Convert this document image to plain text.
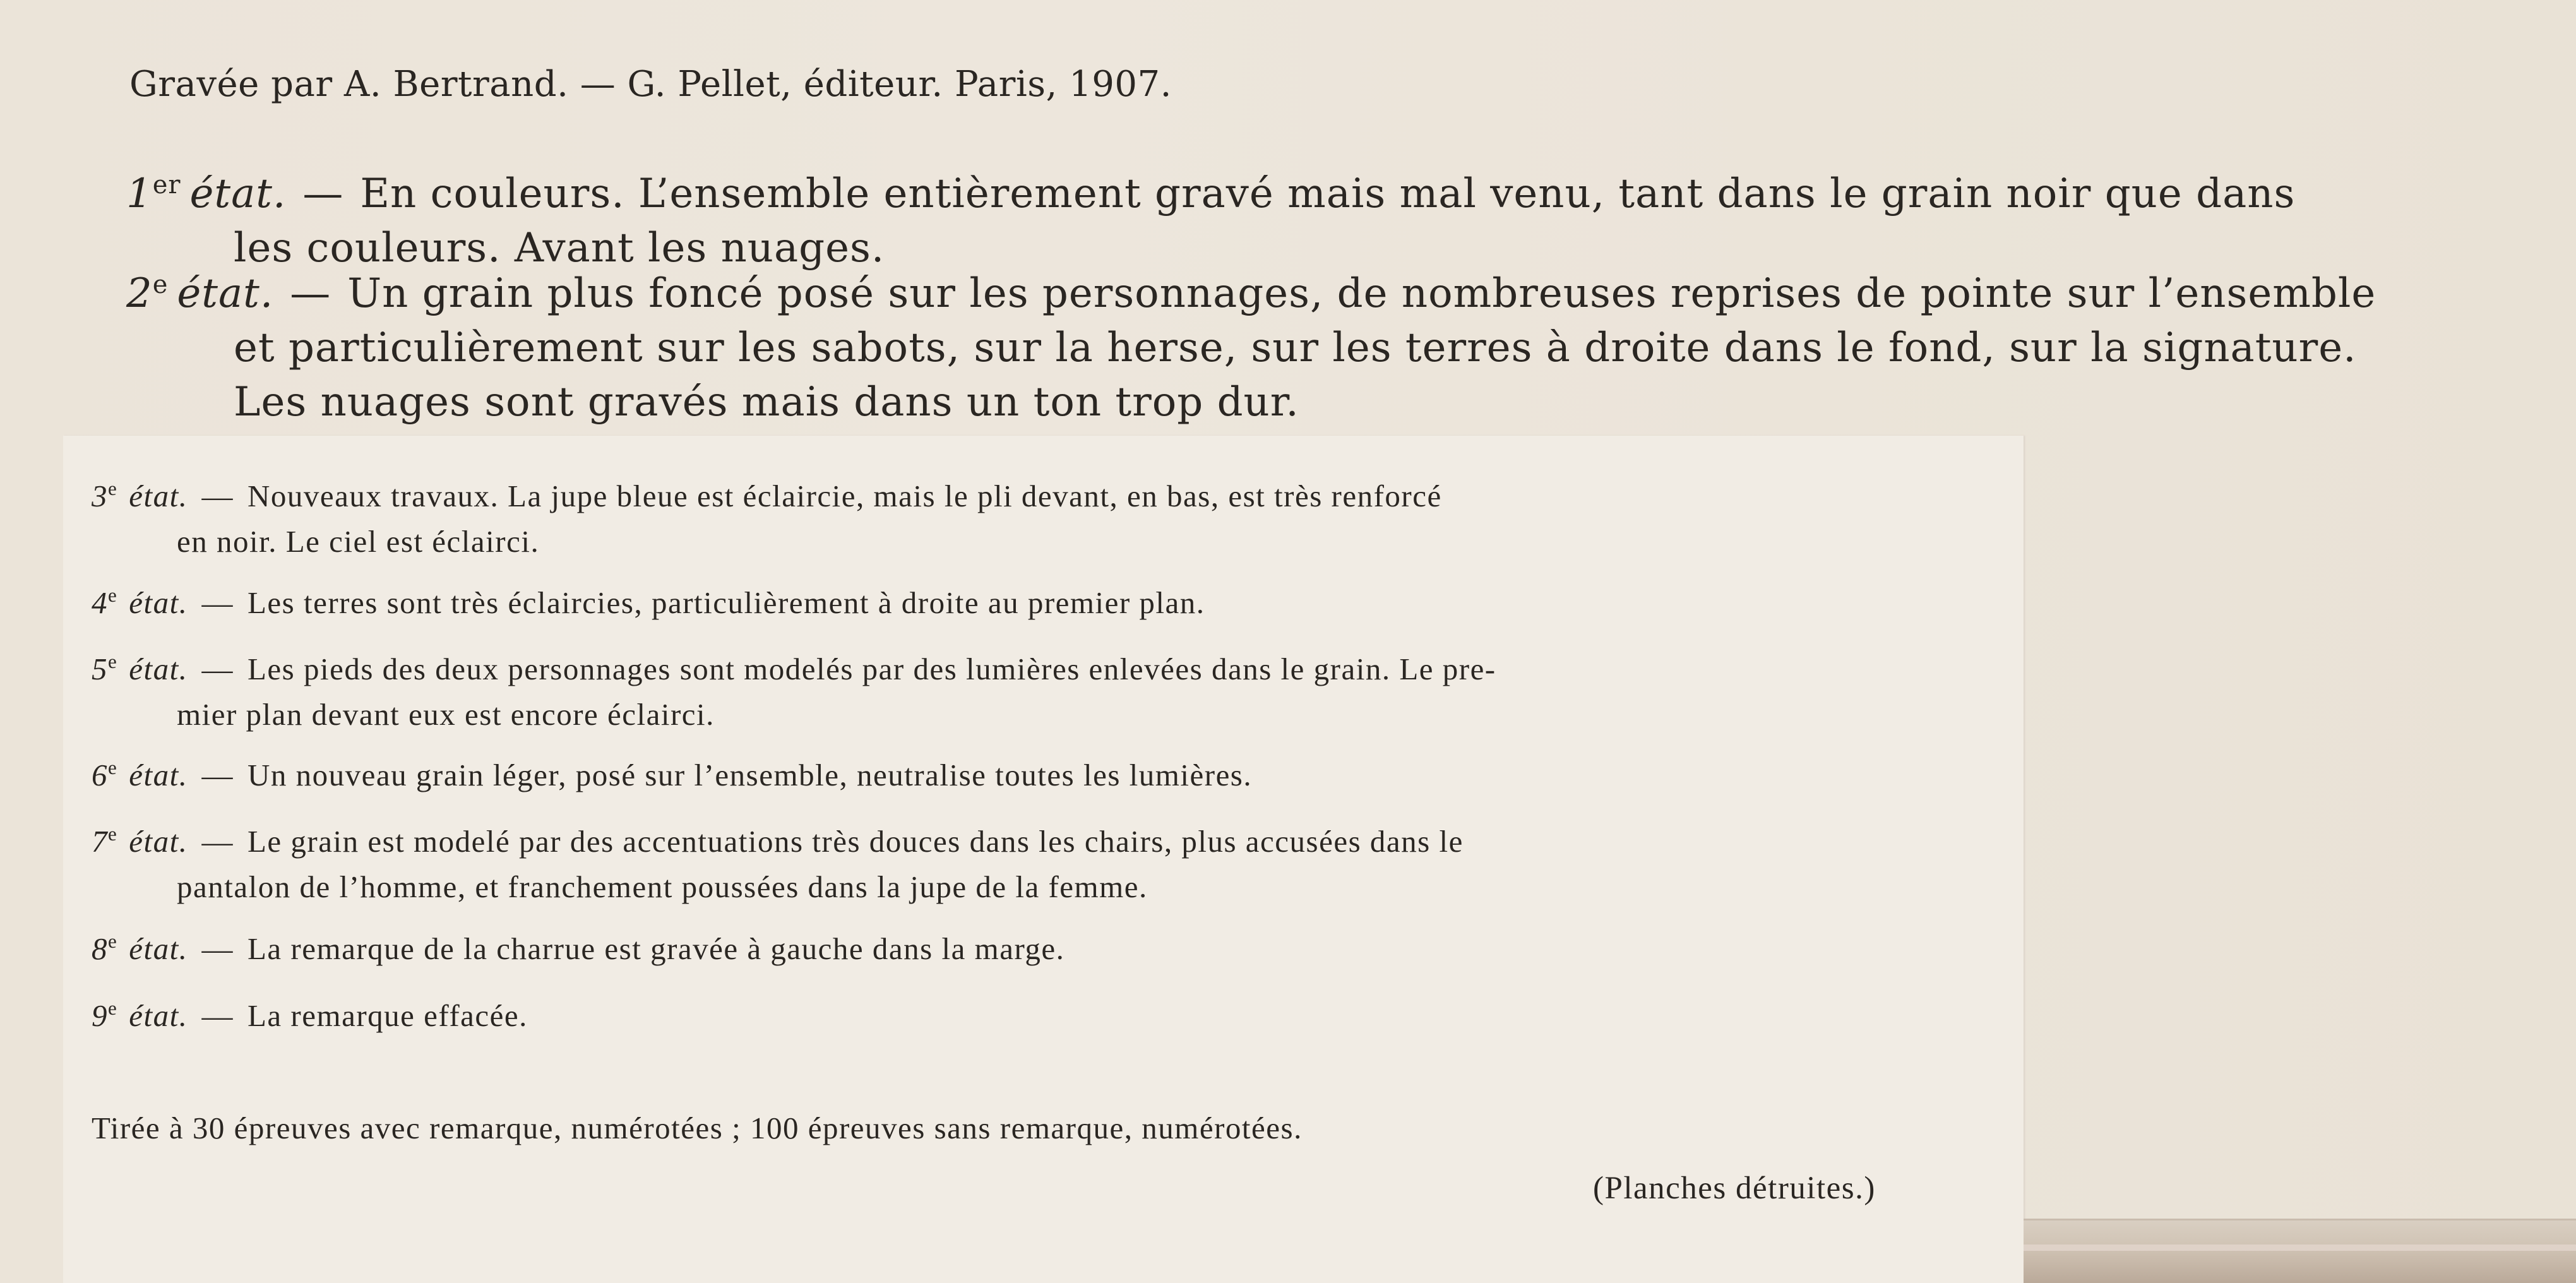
Gravée par A. Bertrand. — G. Pellet, éditeur. Paris, 1907.

1er état. — En couleurs. L’ensemble entièrement gravé mais mal venu, tant dans le grain noir que dans
les couleurs. Avant les nuages.

2e état. — Un grain plus foncé posé sur les personnages, de nombreuses reprises de pointe sur l’ensemble
et particulièrement sur les sabots, sur la herse, sur les terres à droite dans le fond, sur la signature.
Les nuages sont gravés mais dans un ton trop dur.

3e état. — Nouveaux travaux. La jupe bleue est éclaircie, mais le pli devant, en bas, est très renforcé
en noir. Le ciel est éclairci.

4e état. — Les terres sont très éclaircies, particulièrement à droite au premier plan.

5e état. — Les pieds des deux personnages sont modelés par des lumières enlevées dans le grain. Le pre-
mier plan devant eux est encore éclairci.

6e état. — Un nouveau grain léger, posé sur l’ensemble, neutralise toutes les lumières.

7e état. — Le grain est modelé par des accentuations très douces dans les chairs, plus accusées dans le
pantalon de l’homme, et franchement poussées dans la jupe de la femme.

8e état. — La remarque de la charrue est gravée à gauche dans la marge.

9e état. — La remarque effacée.

Tirée à 30 épreuves avec remarque, numérotées ; 100 épreuves sans remarque, numérotées.

(Planches détruites.)
